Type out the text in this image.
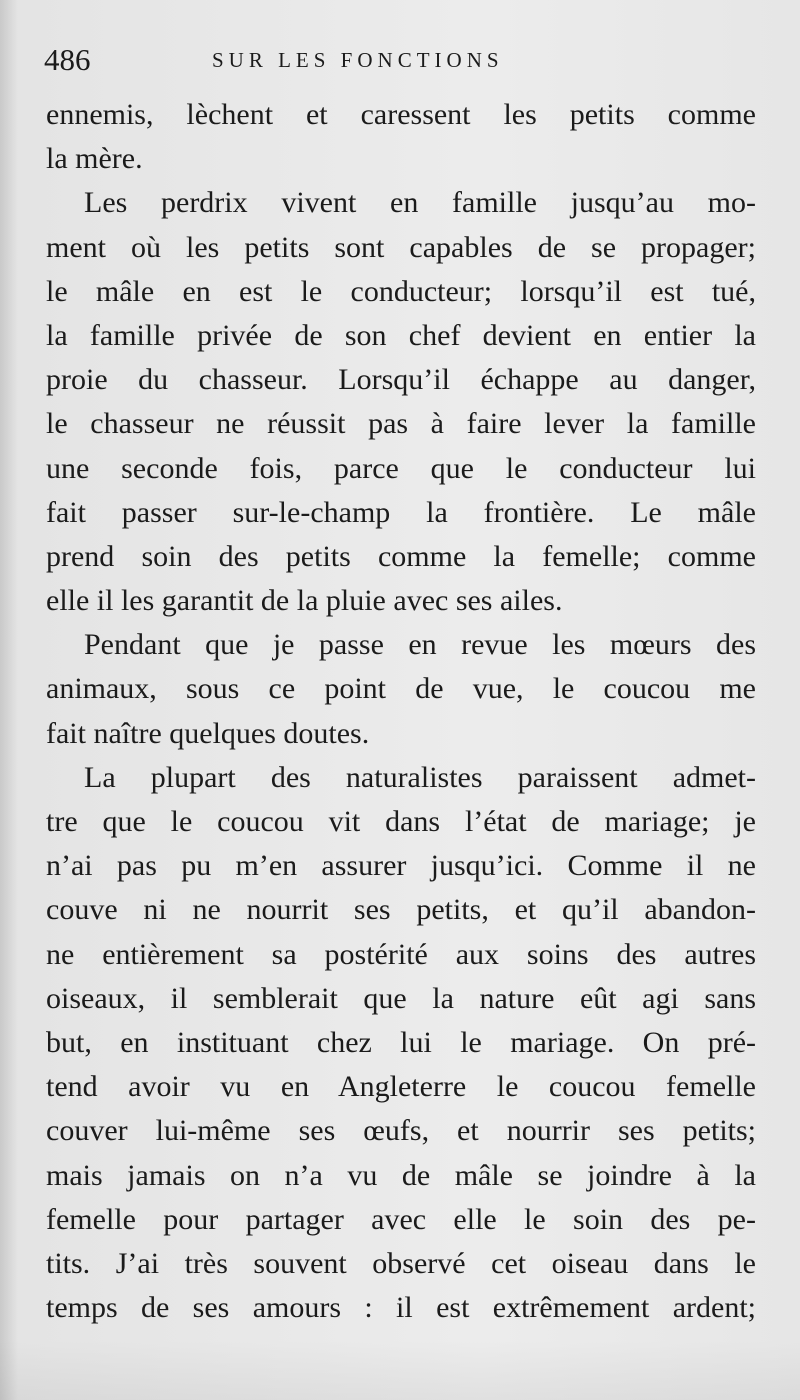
486	SUR LES FONCTIONS
ennemis, lèchent et caressent les petits comme
la mère.
Les perdrix vivent en famille jusqu’au mo-
ment où les petits sont capables de se propager;
le mâle en est le conducteur; lorsqu’il est tué,
la famille privée de son chef devient en entier la
proie du chasseur. Lorsqu’il échappe au danger,
le chasseur ne réussit pas à faire lever la famille
une seconde fois, parce que le conducteur lui
fait passer sur-le-champ la frontière. Le mâle
prend soin des petits comme la femelle; comme
elle il les garantit de la pluie avec ses ailes.
Pendant que je passe en revue les mœurs des
animaux, sous ce point de vue, le coucou me
fait naître quelques doutes.
La plupart des naturalistes paraissent admet-
tre que le coucou vit dans l’état de mariage; je
n’ai pas pu m’en assurer jusqu’ici. Comme il ne
couve ni ne nourrit ses petits, et qu’il abandon-
ne entièrement sa postérité aux soins des autres
oiseaux, il semblerait que la nature eût agi sans
but, en instituant chez lui le mariage. On pré-
tend avoir vu en Angleterre le coucou femelle
couver lui-même ses œufs, et nourrir ses petits;
mais jamais on n’a vu de mâle se joindre à la
femelle pour partager avec elle le soin des pe-
tits. J’ai très souvent observé cet oiseau dans le
temps de ses amours : il est extrêmement ardent;
